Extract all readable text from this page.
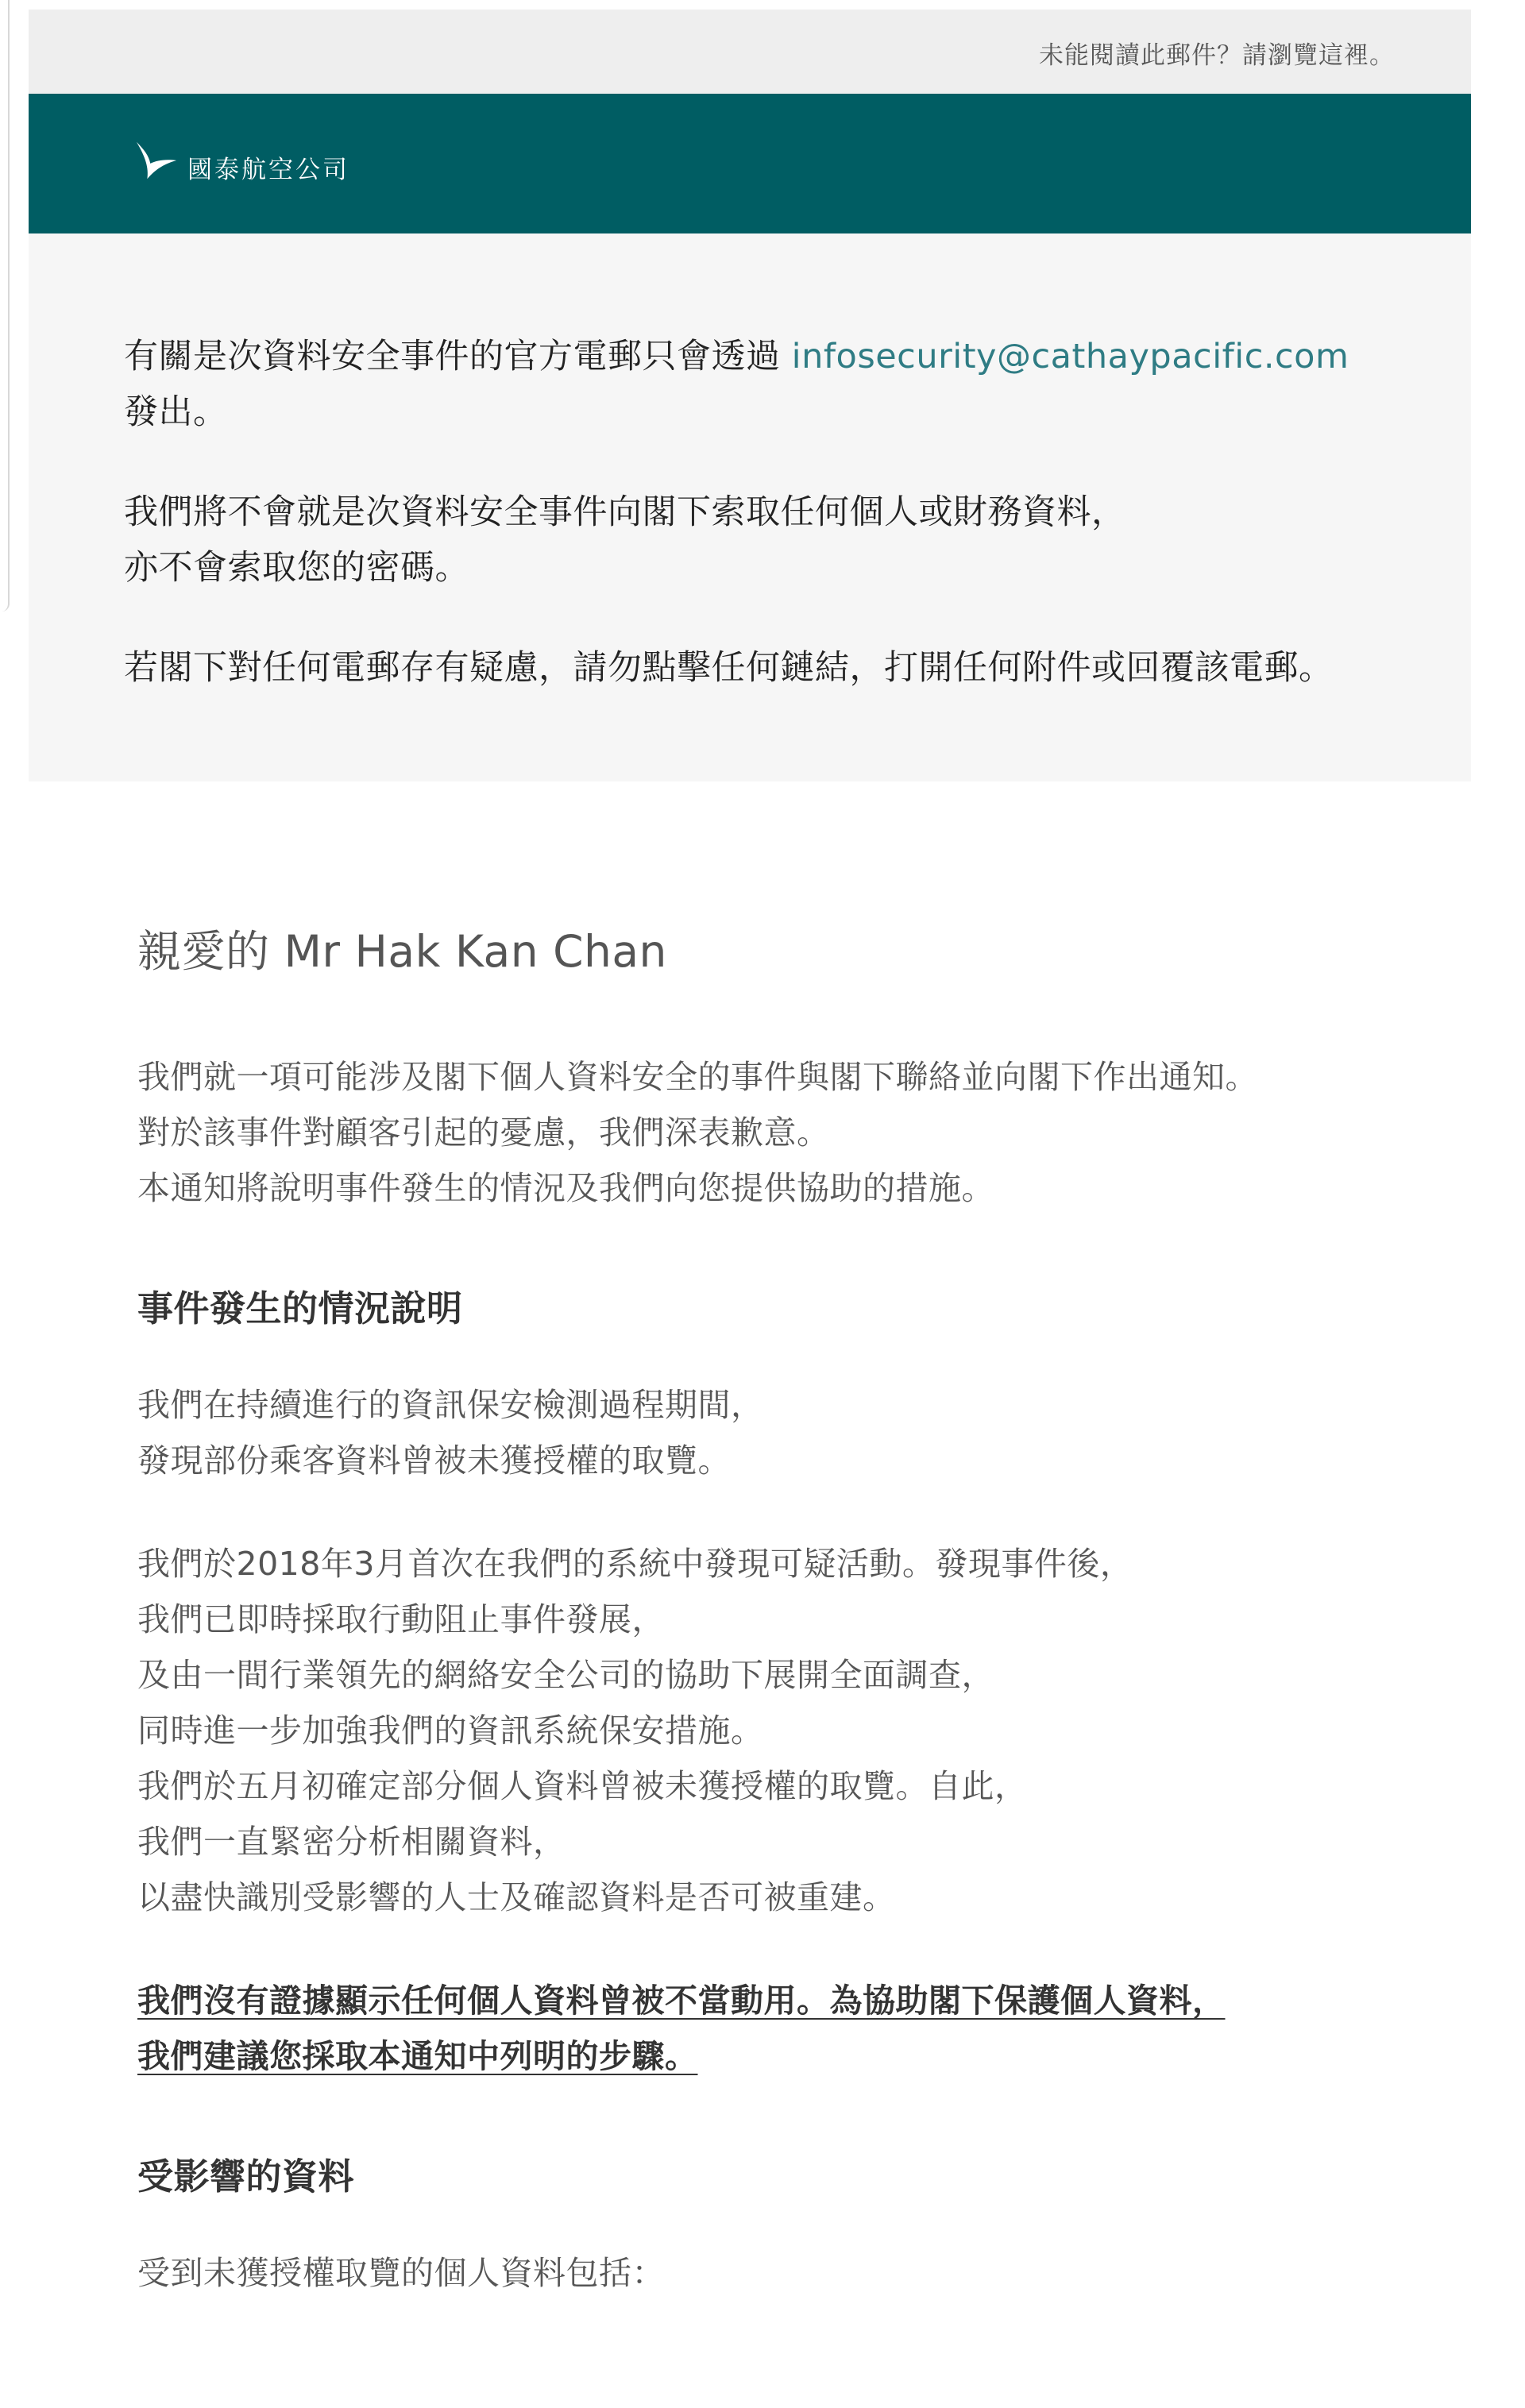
未能閱讀此郵件？請瀏覽這裡。
國泰航空公司

有關是次資料安全事件的官方電郵只會透過 infosecurity@cathaypacific.com
發出。

我們將不會就是次資料安全事件向閣下索取任何個人或財務資料，
亦不會索取您的密碼。

若閣下對任何電郵存有疑慮，請勿點擊任何鏈結，打開任何附件或回覆該電郵。

親愛的 Mr Hak Kan Chan

我們就一項可能涉及閣下個人資料安全的事件與閣下聯絡並向閣下作出通知。
對於該事件對顧客引起的憂慮，我們深表歉意。
本通知將說明事件發生的情況及我們向您提供協助的措施。

事件發生的情況說明

我們在持續進行的資訊保安檢測過程期間，
發現部份乘客資料曾被未獲授權的取覽。

我們於2018年3月首次在我們的系統中發現可疑活動。發現事件後，
我們已即時採取行動阻止事件發展，
及由一間行業領先的網絡安全公司的協助下展開全面調查，
同時進一步加強我們的資訊系統保安措施。
我們於五月初確定部分個人資料曾被未獲授權的取覽。自此，
我們一直緊密分析相關資料，
以盡快識別受影響的人士及確認資料是否可被重建。

我們沒有證據顯示任何個人資料曾被不當動用。為協助閣下保護個人資料，
我們建議您採取本通知中列明的步驟。

受影響的資料

受到未獲授權取覽的個人資料包括：
